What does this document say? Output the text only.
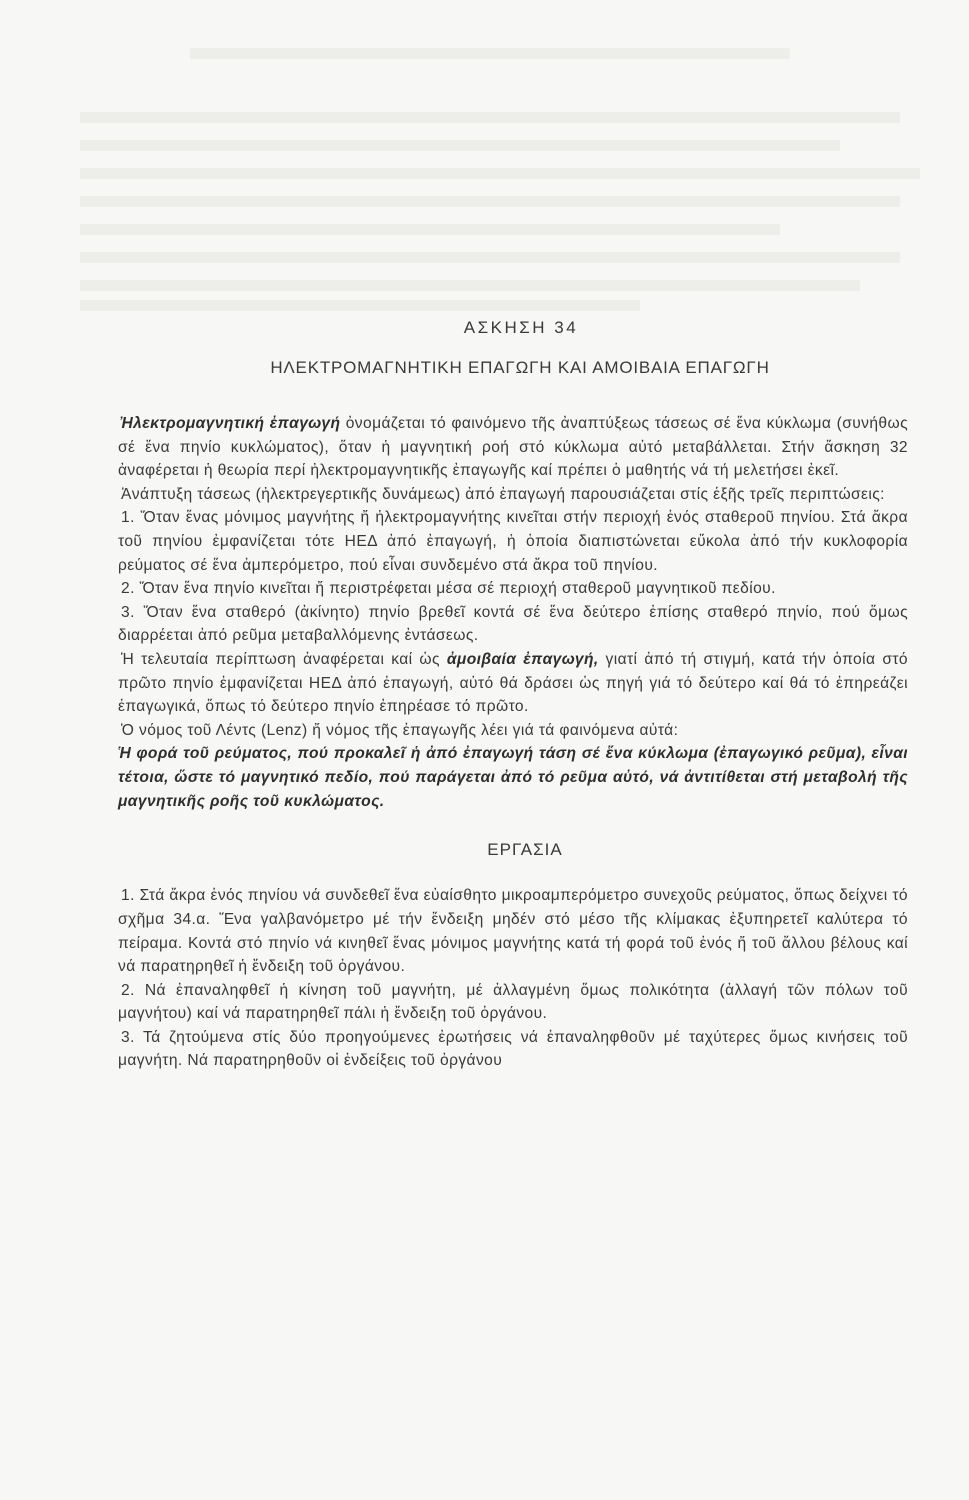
ΑΣΚΗΣΗ 34
ΗΛΕΚΤΡΟΜΑΓΝΗΤΙΚΗ ΕΠΑΓΩΓΗ ΚΑΙ ΑΜΟΙΒΑΙΑ ΕΠΑΓΩΓΗ

Ἠλεκτρομαγνητική ἐπαγωγή ὀνομάζεται τό φαινόμενο τῆς ἀναπτύξεως τάσεως σέ ἕνα κύκλωμα (συνήθως σέ ἕνα πηνίο κυκλώματος), ὅταν ἡ μαγνητική ροή στό κύκλωμα αὐτό μεταβάλλεται. Στήν ἄσκηση 32 ἀναφέρεται ἡ θεωρία περί ἠλεκτρομαγνητικῆς ἐπαγωγῆς καί πρέπει ὁ μαθητής νά τή μελετήσει ἐκεῖ.

Ἀνάπτυξη τάσεως (ἠλεκτρεγερτικῆς δυνάμεως) ἀπό ἐπαγωγή παρουσιάζεται στίς ἑξῆς τρεῖς περιπτώσεις:

1. Ὅταν ἕνας μόνιμος μαγνήτης ἤ ἠλεκτρομαγνήτης κινεῖται στήν περιοχή ἑνός σταθεροῦ πηνίου. Στά ἄκρα τοῦ πηνίου ἐμφανίζεται τότε ΗΕΔ ἀπό ἐπαγωγή, ἡ ὁποία διαπιστώνεται εὔκολα ἀπό τήν κυκλοφορία ρεύματος σέ ἕνα ἀμπερόμετρο, πού εἶναι συνδεμένο στά ἄκρα τοῦ πηνίου.

2. Ὅταν ἕνα πηνίο κινεῖται ἤ περιστρέφεται μέσα σέ περιοχή σταθεροῦ μαγνητικοῦ πεδίου.

3. Ὅταν ἕνα σταθερό (ἀκίνητο) πηνίο βρεθεῖ κοντά σέ ἕνα δεύτερο ἐπίσης σταθερό πηνίο, πού ὅμως διαρρέεται ἀπό ρεῦμα μεταβαλλόμενης ἐντάσεως.

Ἡ τελευταία περίπτωση ἀναφέρεται καί ὡς ἀμοιβαία ἐπαγωγή, γιατί ἀπό τή στιγμή, κατά τήν ὁποία στό πρῶτο πηνίο ἐμφανίζεται ΗΕΔ ἀπό ἐπαγωγή, αὐτό θά δράσει ὡς πηγή γιά τό δεύτερο καί θά τό ἐπηρεάζει ἐπαγωγικά, ὅπως τό δεύτερο πηνίο ἐπηρέασε τό πρῶτο.

Ὁ νόμος τοῦ Λέντς (Lenz) ἤ νόμος τῆς ἐπαγωγῆς λέει γιά τά φαινόμενα αὐτά:

Ἡ φορά τοῦ ρεύματος, πού προκαλεῖ ἡ ἀπό ἐπαγωγή τάση σέ ἕνα κύκλωμα (ἐπαγωγικό ρεῦμα), εἶναι τέτοια, ὥστε τό μαγνητικό πεδίο, πού παράγεται ἀπό τό ρεῦμα αὐτό, νά ἀντιτίθεται στή μεταβολή τῆς μαγνητικῆς ροῆς τοῦ κυκλώματος.

ΕΡΓΑΣΙΑ

1. Στά ἄκρα ἑνός πηνίου νά συνδεθεῖ ἕνα εὐαίσθητο μικροαμπερόμετρο συνεχοῦς ρεύματος, ὅπως δείχνει τό σχῆμα 34.α. Ἕνα γαλβανόμετρο μέ τήν ἔνδειξη μηδέν στό μέσο τῆς κλίμακας ἐξυπηρετεῖ καλύτερα τό πείραμα. Κοντά στό πηνίο νά κινηθεῖ ἕνας μόνιμος μαγνήτης κατά τή φορά τοῦ ἑνός ἤ τοῦ ἄλλου βέλους καί νά παρατηρηθεῖ ἡ ἔνδειξη τοῦ ὀργάνου.

2. Νά ἐπαναληφθεῖ ἡ κίνηση τοῦ μαγνήτη, μέ ἀλλαγμένη ὅμως πολικότητα (ἀλλαγή τῶν πόλων τοῦ μαγνήτου) καί νά παρατηρηθεῖ πάλι ἡ ἔνδειξη τοῦ ὀργάνου.

3. Τά ζητούμενα στίς δύο προηγούμενες ἐρωτήσεις νά ἐπαναληφθοῦν μέ ταχύτερες ὅμως κινήσεις τοῦ μαγνήτη. Νά παρατηρηθοῦν οἱ ἐνδείξεις τοῦ ὀργάνου
